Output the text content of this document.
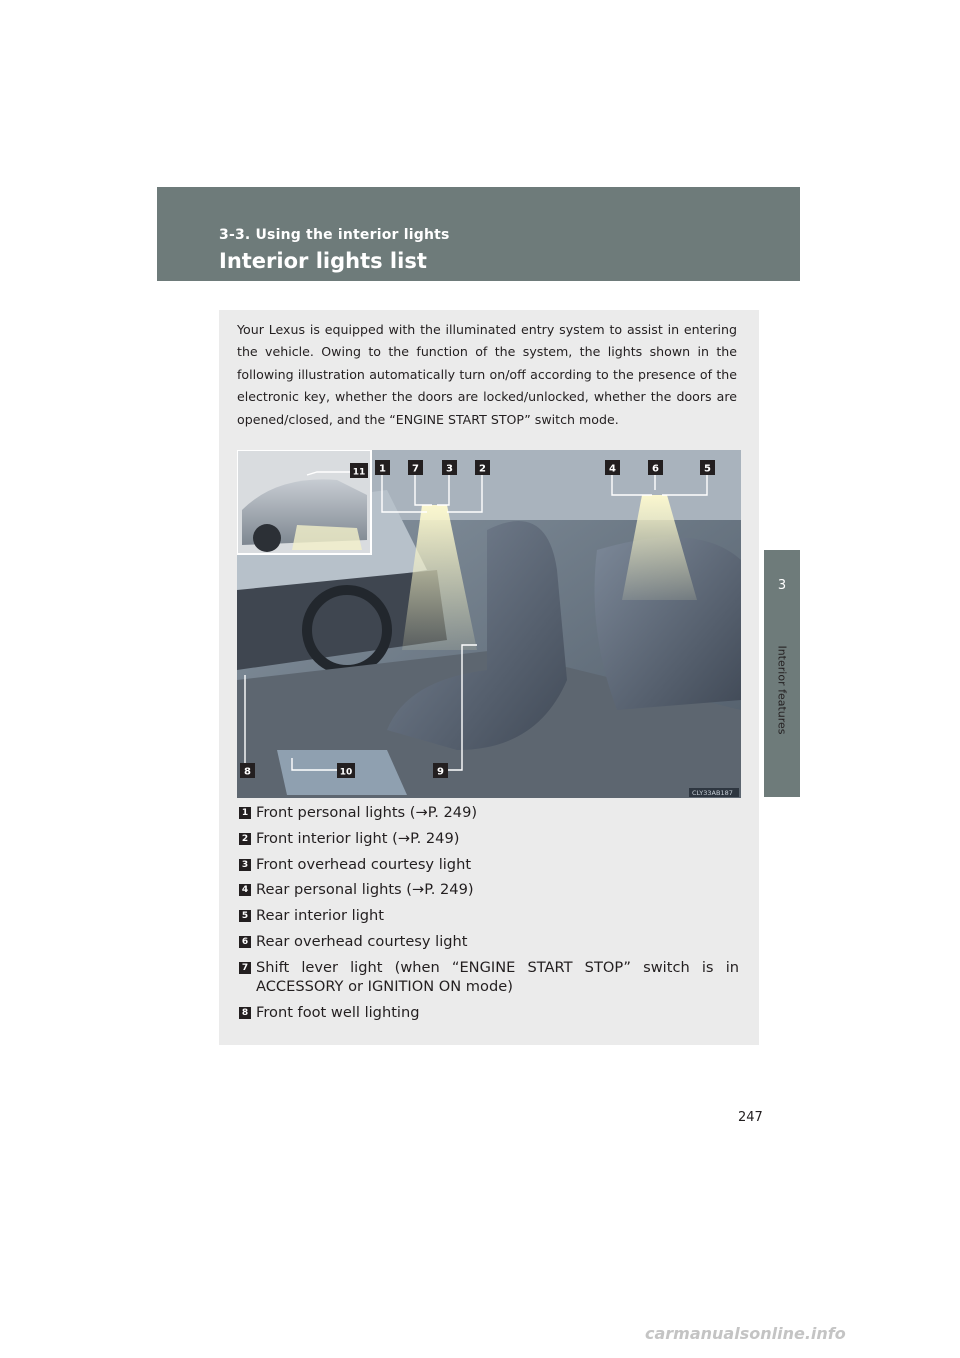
3-3. Using the interior lights
Interior lights list
3
Interior features
Your Lexus is equipped with the illuminated entry system to assist in entering the vehicle. Owing to the function of the system, the lights shown in the following illustration automatically turn on/off according to the presence of the electronic key, whether the doors are locked/unlocked, whether the doors are opened/closed, and the “ENGINE START STOP” switch mode.
1	7	3	2	4	6	5
11
8	10	9
CLY33AB187
1 Front personal lights (→P. 249)
2 Front interior light (→P. 249)
3 Front overhead courtesy light
4 Rear personal lights (→P. 249)
5 Rear interior light
6 Rear overhead courtesy light
7 Shift lever light (when “ENGINE START STOP” switch is in ACCESSORY or IGNITION ON mode)
8 Front foot well lighting
247
carmanualsonline.info
